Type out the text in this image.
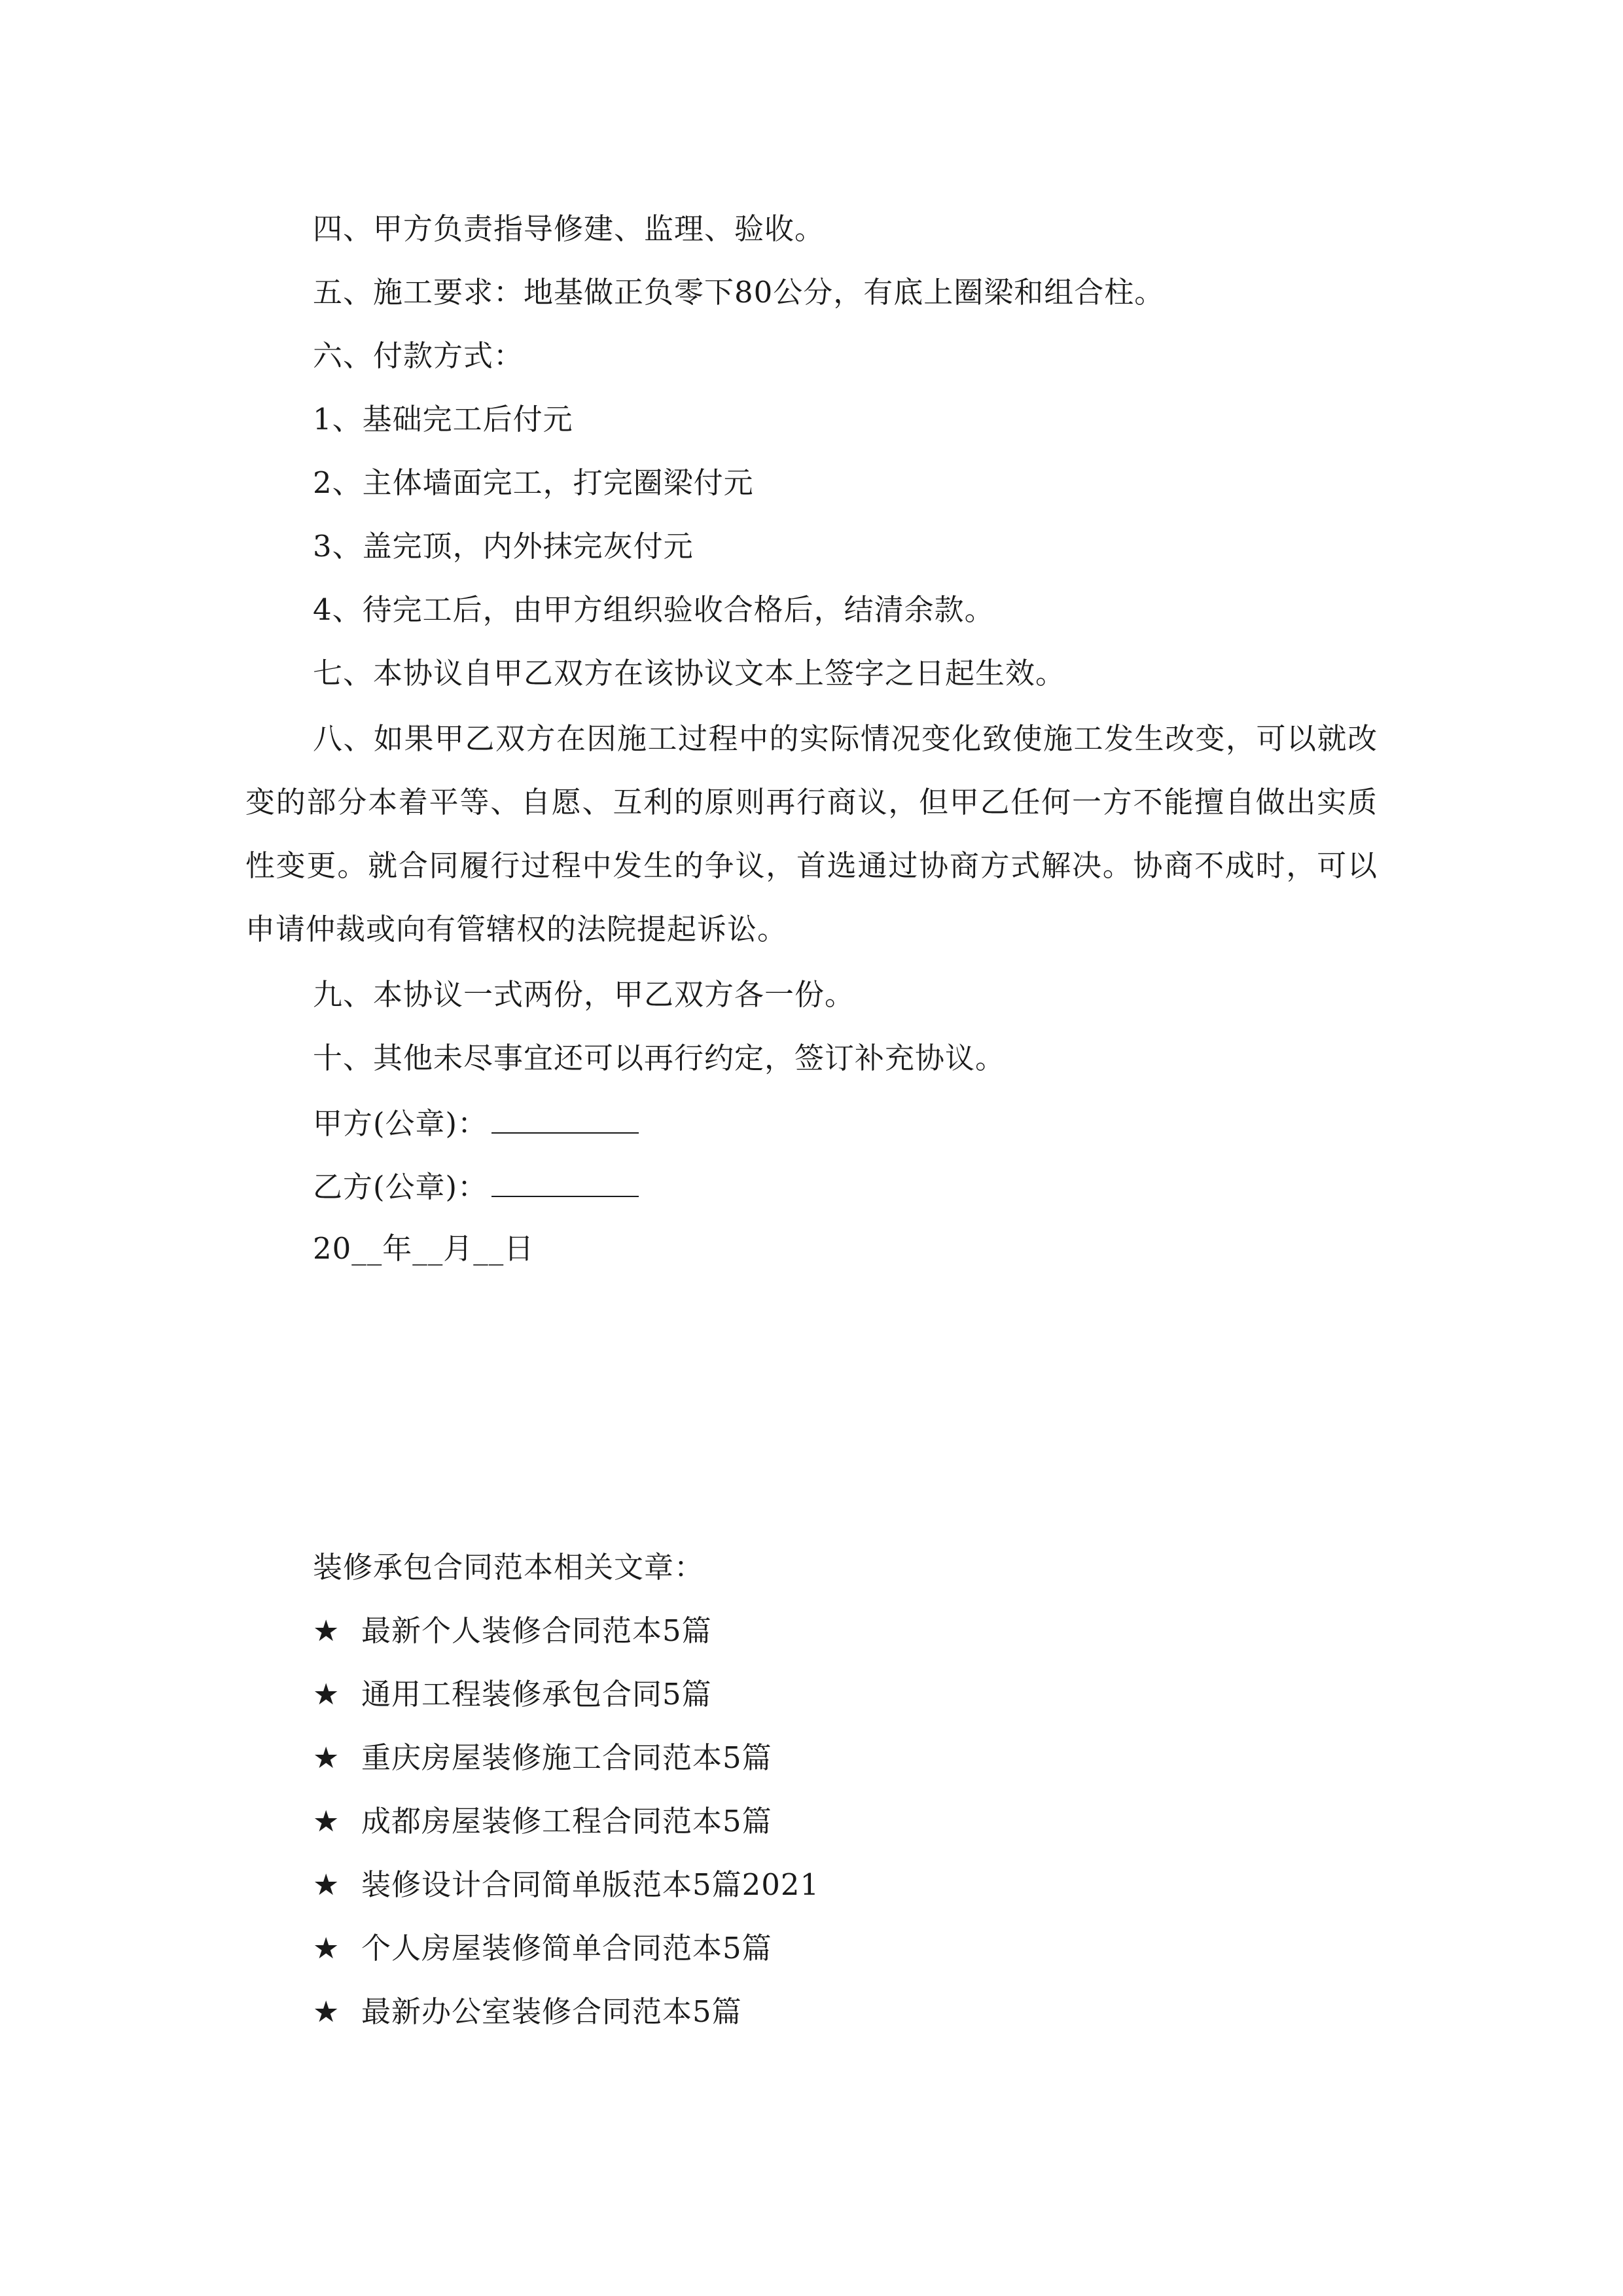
四、甲方负责指导修建、监理、验收。
五、施工要求：地基做正负零下80公分，有底上圈梁和组合柱。
六、付款方式：
1、基础完工后付元
2、主体墙面完工，打完圈梁付元
3、盖完顶，内外抹完灰付元
4、待完工后，由甲方组织验收合格后，结清余款。
七、本协议自甲乙双方在该协议文本上签字之日起生效。
八、如果甲乙双方在因施工过程中的实际情况变化致使施工发生改变，可以就改变的部分本着平等、自愿、互利的原则再行商议，但甲乙任何一方不能擅自做出实质性变更。就合同履行过程中发生的争议，首选通过协商方式解决。协商不成时，可以申请仲裁或向有管辖权的法院提起诉讼。
九、本协议一式两份，甲乙双方各一份。
十、其他未尽事宜还可以再行约定，签订补充协议。
甲方(公章)：
乙方(公章)：
20__年__月__日
装修承包合同范本相关文章：
★ 最新个人装修合同范本5篇
★ 通用工程装修承包合同5篇
★ 重庆房屋装修施工合同范本5篇
★ 成都房屋装修工程合同范本5篇
★ 装修设计合同简单版范本5篇2021
★ 个人房屋装修简单合同范本5篇
★ 最新办公室装修合同范本5篇
